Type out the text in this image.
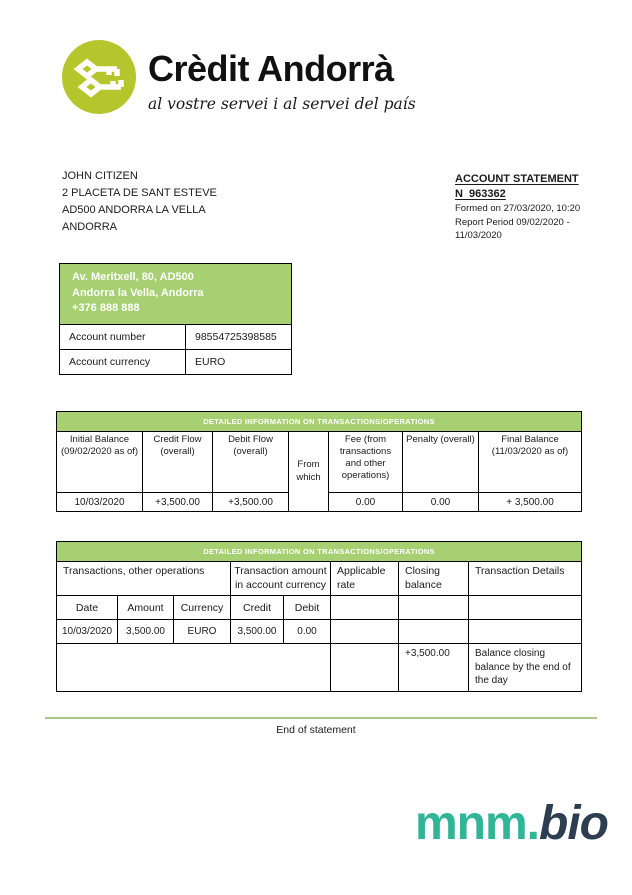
Crèdit Andorrà
al vostre servei i al servei del país
JOHN CITIZEN
2 PLACETA DE SANT ESTEVE
AD500 ANDORRA LA VELLA
ANDORRA
ACCOUNT STATEMENT
N  963362
Formed on 27/03/2020, 10:20
Report Period 09/02/2020 -
11/03/2020
Av. Meritxell, 80, AD500
Andorra la Vella, Andorra
+376 888 888
Account number	98554725398585
Account currency	EURO
DETAILED INFORMATION ON TRANSACTIONS/OPERATIONS						
Initial Balance (09/02/2020 as of)	Credit Flow (overall)	Debit Flow (overall)	From which	Fee (from transactions and other operations)	Penalty (overall)	Final Balance (11/03/2020 as of)
10/03/2020	+3,500.00	+3,500.00		0.00	0.00	+ 3,500.00
DETAILED INFORMATION ON TRANSACTIONS/OPERATIONS							
Transactions, other operations			Transaction amount in account currency		Applicable rate	Closing balance	Transaction Details
Date	Amount	Currency	Credit	Debit			
10/03/2020	3,500.00	EURO	3,500.00	0.00			
						+3,500.00	Balance closing balance by the end of the day
End of statement
mnm.bio
